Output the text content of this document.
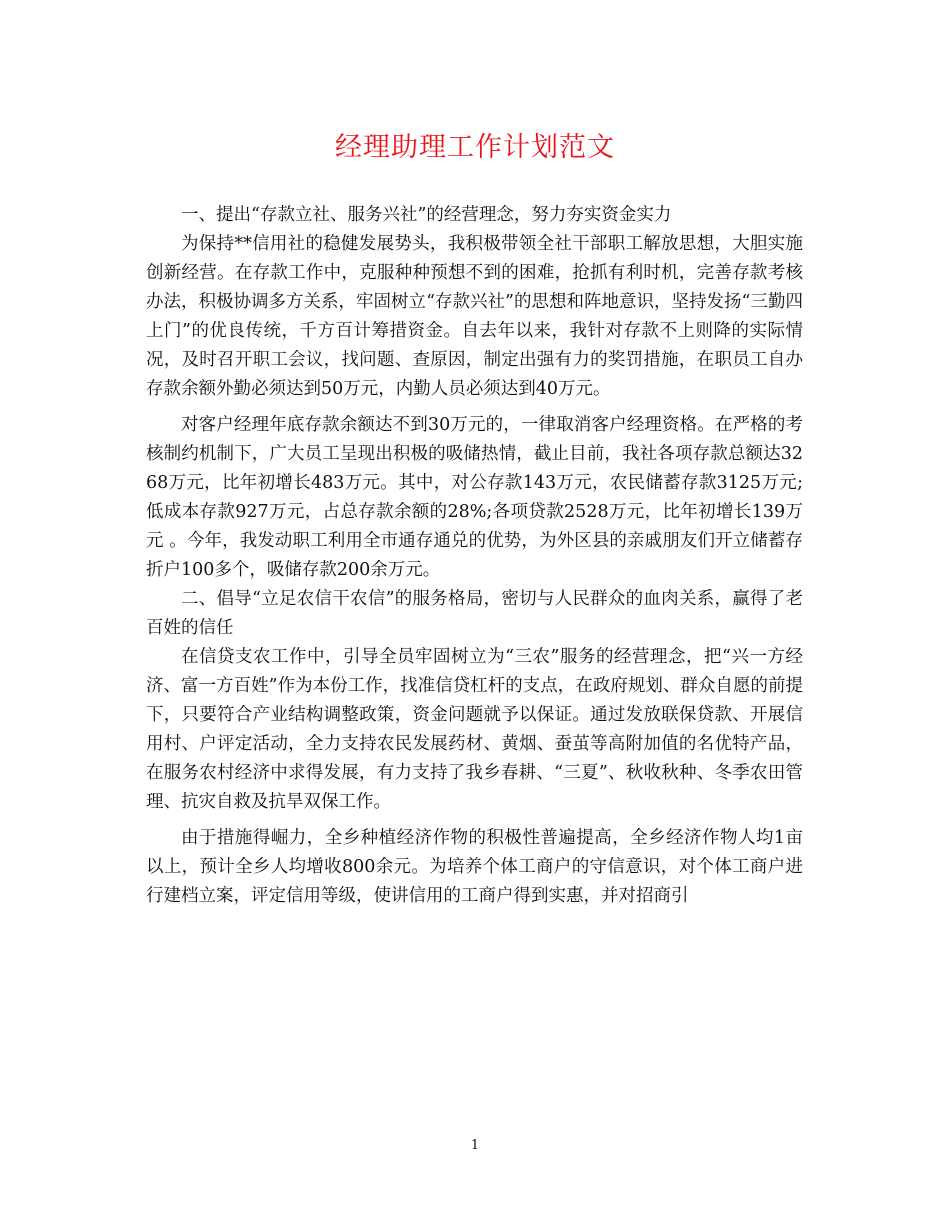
经理助理工作计划范文

一、提出“存款立社、服务兴社”的经营理念，努力夯实资金实力

为保持**信用社的稳健发展势头，我积极带领全社干部职工解放思想，大胆实施创新经营。在存款工作中，克服种种预想不到的困难，抢抓有利时机，完善存款考核办法，积极协调多方关系，牢固树立“存款兴社”的思想和阵地意识，坚持发扬“三勤四上门”的优良传统，千方百计筹措资金。自去年以来，我针对存款不上则降的实际情况，及时召开职工会议，找问题、查原因，制定出强有力的奖罚措施，在职员工自办存款余额外勤必须达到50万元，内勤人员必须达到40万元。

对客户经理年底存款余额达不到30万元的，一律取消客户经理资格。在严格的考核制约机制下，广大员工呈现出积极的吸储热情，截止目前，我社各项存款总额达3268万元，比年初增长483万元。其中，对公存款143万元，农民储蓄存款3125万元;低成本存款927万元，占总存款余额的28%;各项贷款2528万元，比年初增长139万元 。今年，我发动职工利用全市通存通兑的优势，为外区县的亲戚朋友们开立储蓄存折户100多个，吸储存款200余万元。

二、倡导“立足农信干农信”的服务格局，密切与人民群众的血肉关系，赢得了老百姓的信任

在信贷支农工作中，引导全员牢固树立为“三农”服务的经营理念，把“兴一方经济、富一方百姓”作为本份工作，找准信贷杠杆的支点，在政府规划、群众自愿的前提下，只要符合产业结构调整政策，资金问题就予以保证。通过发放联保贷款、开展信用村、户评定活动，全力支持农民发展药材、黄烟、蚕茧等高附加值的名优特产品，在服务农村经济中求得发展，有力支持了我乡春耕、“三夏”、秋收秋种、冬季农田管理、抗灾自救及抗旱双保工作。

由于措施得崛力，全乡种植经济作物的积极性普遍提高，全乡经济作物人均1亩以上，预计全乡人均增收800余元。为培养个体工商户的守信意识，对个体工商户进行建档立案，评定信用等级，使讲信用的工商户得到实惠，并对招商引

1
